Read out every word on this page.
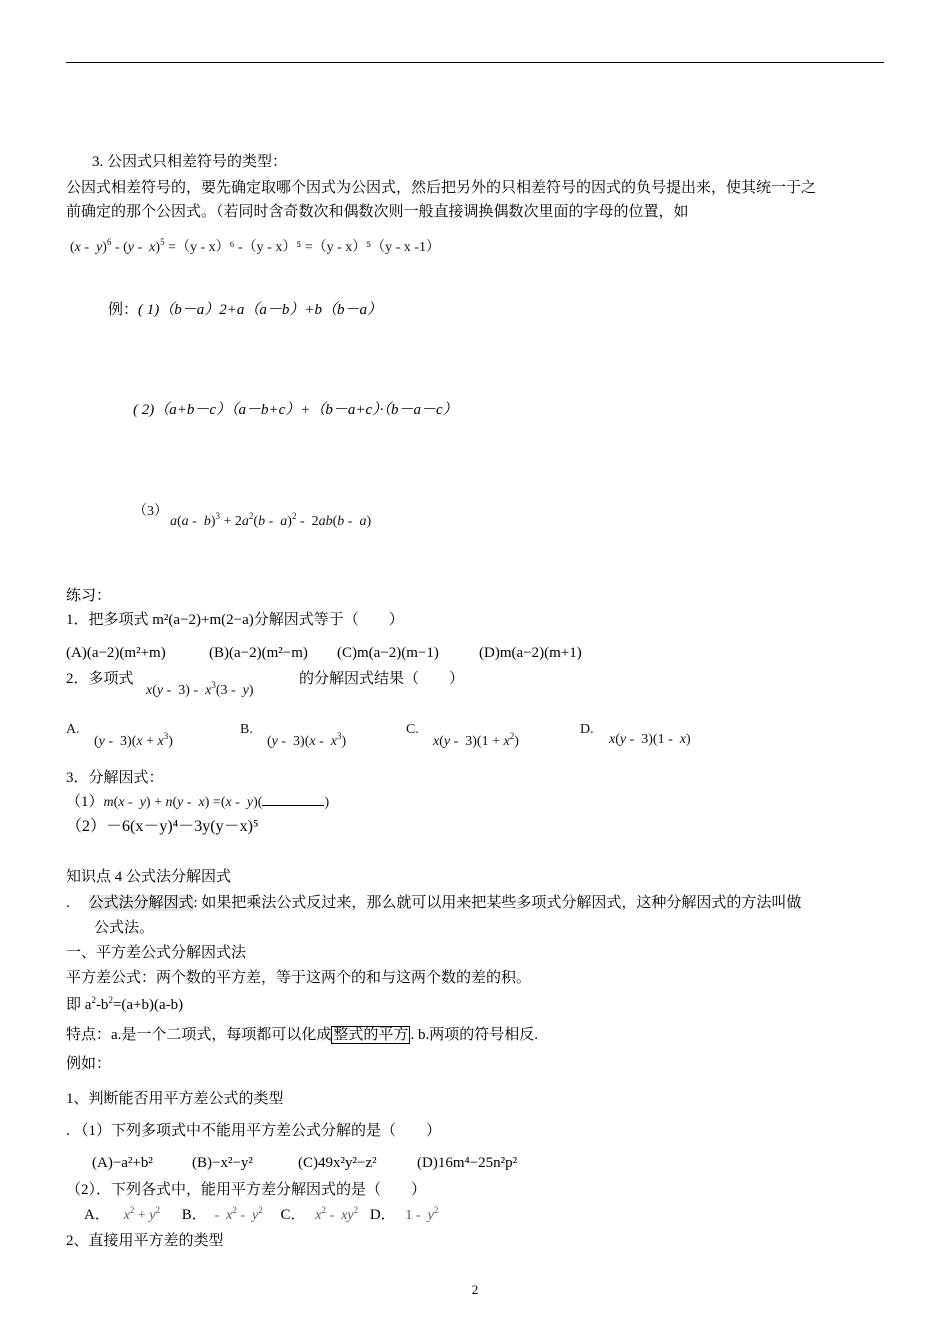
3. 公因式只相差符号的类型：
公因式相差符号的，要先确定取哪个因式为公因式，然后把另外的只相差符号的因式的负号提出来，使其统一于之
前确定的那个公因式。（若同时含奇数次和偶数次则一般直接调换偶数次里面的字母的位置，如
(x -  y)$^6$ - (y -  x)$^5$ =（y - x）⁶ -（y - x）⁵ =（y - x）⁵（y - x -1）
例：( 1)（b－a）2+a（a－b）+b（b－a）
( 2)（a+b－c）（a－b+c）+（b－a+c）·（b－a－c）
（3）
$a(a - b)^3 + 2a^2(b - a)^2 - 2ab(b - a)$
练习：
1．把多项式 m²(a−2)+m(2−a)分解因式等于（　　）
(A)(a−2)(m²+m)	(B)(a−2)(m²−m) (C)m(a−2)(m−1)	(D)m(a−2)(m+1)
2．多项式
$x(y - 3) - x^3(3 - y)$
的分解因式结果（　　）
A.
$(y - 3)(x + x^3)$
B.
$(y - 3)(x - x^3)$
C.
$x(y - 3)(1 + x^2)$
D.
x(y -  3)(1 -  x)
3．分解因式：
（1）m(x -  y) + n(y -  x) =(x -  y)(	)
（2）－6(x－y)⁴－3y(y－x)⁵
知识点 4 公式法分解因式
. 公式法分解因式: 如果把乘法公式反过来，那么就可以用来把某些多项式分解因式，这种分解因式的方法叫做
公式法。
一、平方差公式分解因式法
平方差公式：两个数的平方差，等于这两个的和与这两个数的差的积。
即 $a^2-b^2=(a+b)(a-b)$
特点：a.是一个二项式，每项都可以化成 整式的平方 . b.两项的符号相反.
例如：
1、判断能否用平方差公式的类型
. （1）下列多项式中不能用平方差公式分解的是（　　）
(A)−a²+b²	(B)−x²−y²	(C)49x²y²−z²	(D)16m⁴−25n²p²
（2）．下列各式中，能用平方差分解因式的是（　　）
A． $x^2 + y^2$ B． -  $x^2 - y^2$ C． $x^2 - xy^2$ D． $1 - y^2$
2、直接用平方差的类型
2
